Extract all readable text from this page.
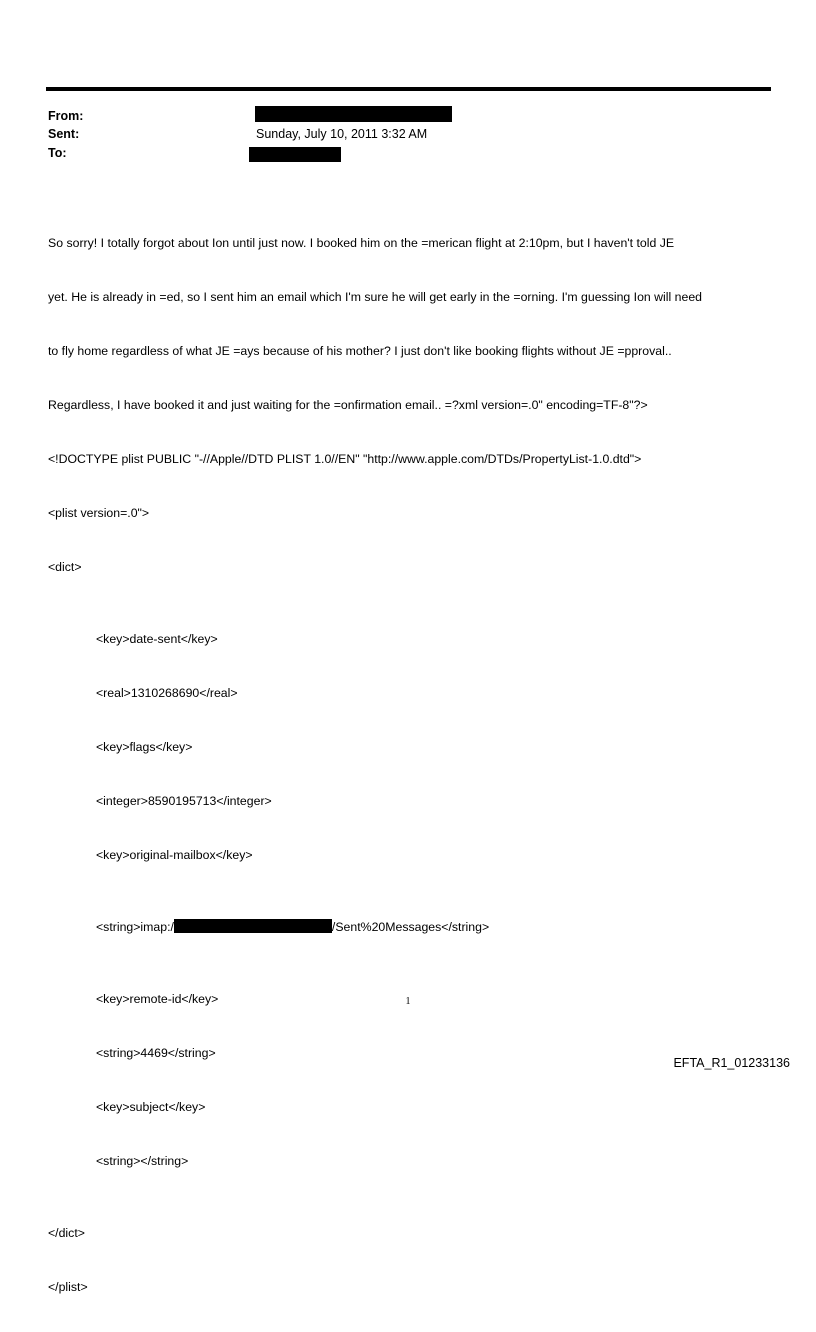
From:
Sent:	Sunday, July 10, 2011 3:32 AM
To:

So sorry! I totally forgot about Ion until just now. I booked him on the =merican flight at 2:10pm, but I haven't told JE

yet. He is already in =ed, so I sent him an email which I'm sure he will get early in the =orning. I'm guessing Ion will need

to fly home regardless of what JE =ays because of his mother? I just don't like booking flights without JE =pproval..

Regardless, I have booked it and just waiting for the =onfirmation email.. =?xml version=.0" encoding=TF-8"?>

<!DOCTYPE plist PUBLIC "-//Apple//DTD PLIST 1.0//EN" "http://www.apple.com/DTDs/PropertyList-1.0.dtd">

<plist version=.0">

<dict>

<key>date-sent</key>

<real>1310268690</real>

<key>flags</key>

<integer>8590195713</integer>

<key>original-mailbox</key>

<string>imap:/	/Sent%20Messages</string>

<key>remote-id</key>

<string>4469</string>

<key>subject</key>

<string></string>

</dict>

</plist>

1
EFTA_R1_01233136
